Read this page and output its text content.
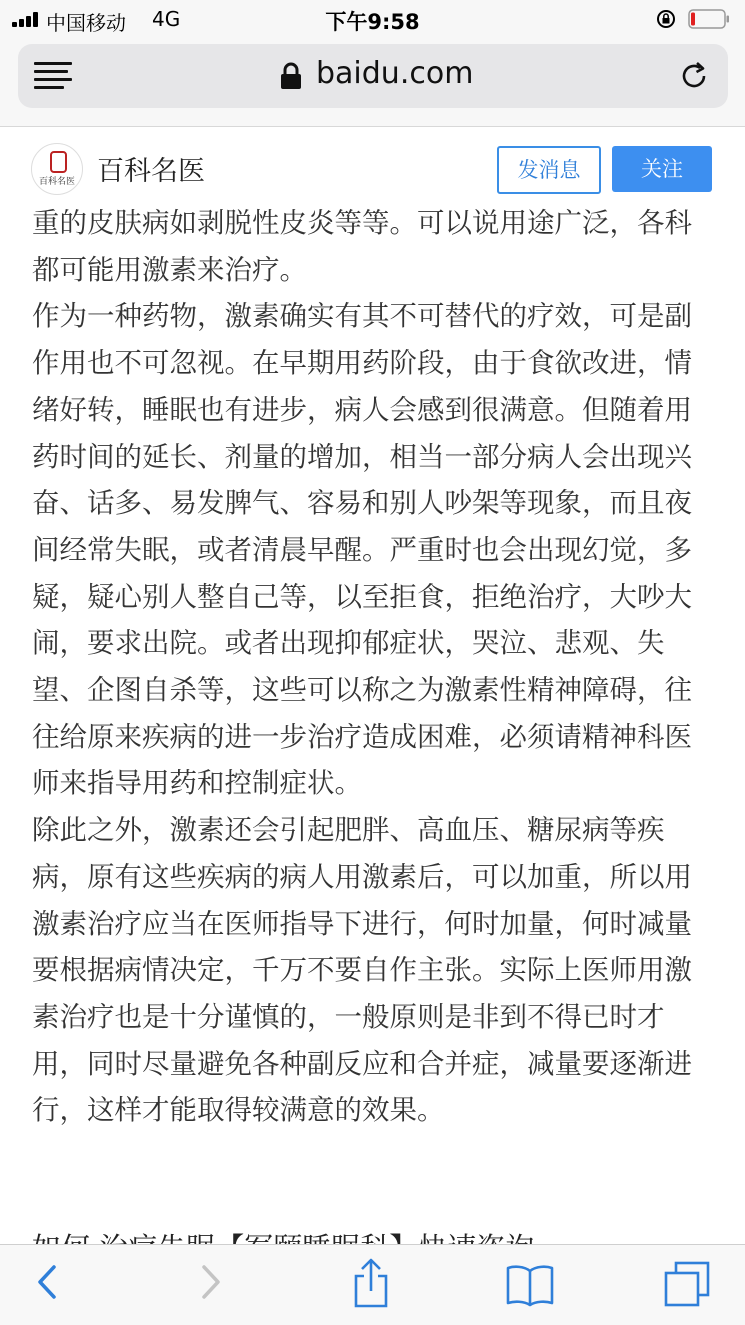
中国移动 4G	下午9:58
baidu.com
百科名医 百科名医	发消息	关注

重的皮肤病如剥脱性皮炎等等。可以说用途广泛，各科都可能用激素来治疗。

作为一种药物，激素确实有其不可替代的疗效，可是副作用也不可忽视。在早期用药阶段，由于食欲改进，情绪好转，睡眠也有进步，病人会感到很满意。但随着用药时间的延长、剂量的增加，相当一部分病人会出现兴奋、话多、易发脾气、容易和别人吵架等现象，而且夜间经常失眠，或者清晨早醒。严重时也会出现幻觉，多疑，疑心别人整自己等，以至拒食，拒绝治疗，大吵大闹，要求出院。或者出现抑郁症状，哭泣、悲观、失望、企图自杀等，这些可以称之为激素性精神障碍，往往给原来疾病的进一步治疗造成困难，必须请精神科医师来指导用药和控制症状。

除此之外，激素还会引起肥胖、高血压、糖尿病等疾病，原有这些疾病的病人用激素后，可以加重，所以用激素治疗应当在医师指导下进行，何时加量，何时减量要根据病情决定，千万不要自作主张。实际上医师用激素治疗也是十分谨慎的，一般原则是非到不得已时才用，同时尽量避免各种副反应和合并症，减量要逐渐进行，这样才能取得较满意的效果。
